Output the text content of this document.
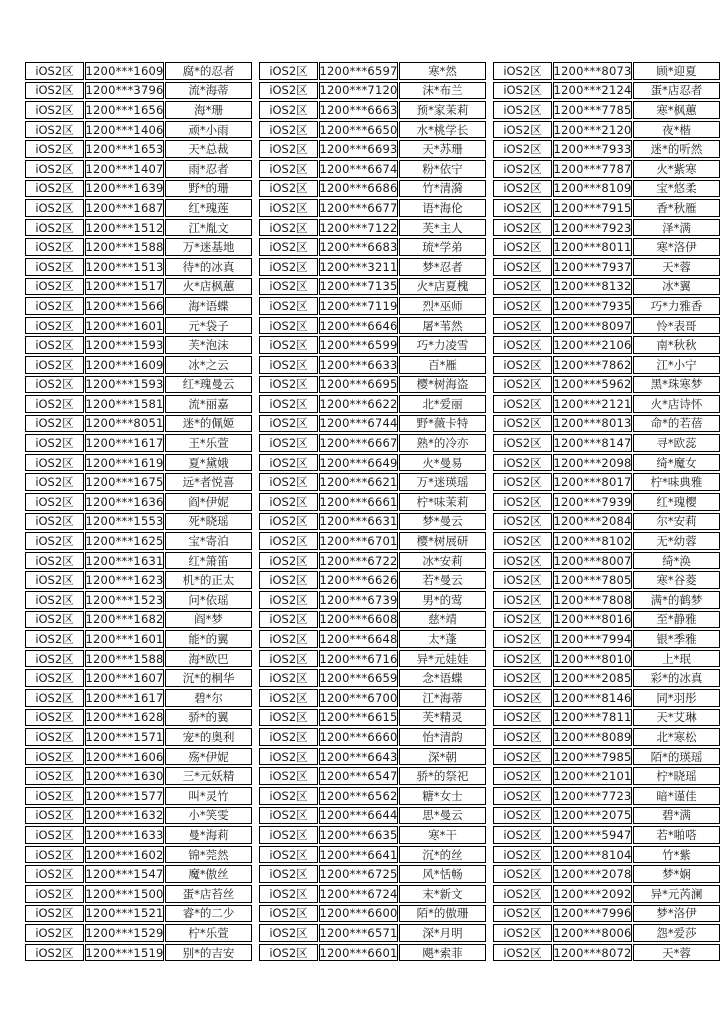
iOS2区	1200***1609	腐*的忍者
iOS2区	1200***3796	流*海蒂
iOS2区	1200***1656	海*珊
iOS2区	1200***1406	顽*小雨
iOS2区	1200***1653	天*总裁
iOS2区	1200***1407	雨*忍者
iOS2区	1200***1639	野*的珊
iOS2区	1200***1687	红*瑰莲
iOS2区	1200***1512	江*胤文
iOS2区	1200***1588	万*迷基地
iOS2区	1200***1513	待*的冰真
iOS2区	1200***1517	火*店枫蕙
iOS2区	1200***1566	海*语蝶
iOS2区	1200***1601	元*袋子
iOS2区	1200***1593	芙*泡沫
iOS2区	1200***1609	冰*之云
iOS2区	1200***1593	红*瑰曼云
iOS2区	1200***1581	流*丽嘉
iOS2区	1200***8051	迷*的佩姬
iOS2区	1200***1617	王*乐萱
iOS2区	1200***1619	夏*黛娥
iOS2区	1200***1675	远*者悦喜
iOS2区	1200***1636	阎*伊妮
iOS2区	1200***1553	死*晓瑶
iOS2区	1200***1625	宝*寄泊
iOS2区	1200***1631	红*箫笛
iOS2区	1200***1623	机*的正太
iOS2区	1200***1523	问*依瑶
iOS2区	1200***1682	阎*梦
iOS2区	1200***1601	能*的翼
iOS2区	1200***1588	海*欧巴
iOS2区	1200***1607	沉*的桐华
iOS2区	1200***1617	碧*尔
iOS2区	1200***1628	骄*的翼
iOS2区	1200***1571	宠*的奥利
iOS2区	1200***1606	殇*伊妮
iOS2区	1200***1630	三*元妖精
iOS2区	1200***1577	叫*灵竹
iOS2区	1200***1632	小*笑雯
iOS2区	1200***1633	曼*海莉
iOS2区	1200***1602	锦*莞然
iOS2区	1200***1547	魔*傲丝
iOS2区	1200***1500	蛋*店苔丝
iOS2区	1200***1521	睿*的二少
iOS2区	1200***1529	柠*乐萱
iOS2区	1200***1519	别*的吉安
iOS2区	1200***6597	寒*然
iOS2区	1200***7120	沫*布兰
iOS2区	1200***6663	预*家茉莉
iOS2区	1200***6650	水*桃学长
iOS2区	1200***6693	天*苏珊
iOS2区	1200***6674	粉*依宁
iOS2区	1200***6686	竹*清漪
iOS2区	1200***6677	语*海伦
iOS2区	1200***7122	芙*主人
iOS2区	1200***6683	琉*学弟
iOS2区	1200***3211	梦*忍者
iOS2区	1200***7135	火*店夏槐
iOS2区	1200***7119	烈*巫师
iOS2区	1200***6646	屠*苇然
iOS2区	1200***6599	巧*力凌雪
iOS2区	1200***6633	百*雁
iOS2区	1200***6695	樱*树海盗
iOS2区	1200***6622	北*爱丽
iOS2区	1200***6744	野*薇卡特
iOS2区	1200***6667	熟*的冷亦
iOS2区	1200***6649	火*曼易
iOS2区	1200***6621	万*迷瑛瑶
iOS2区	1200***6661	柠*味茉莉
iOS2区	1200***6631	梦*曼云
iOS2区	1200***6701	樱*树展研
iOS2区	1200***6722	冰*安莉
iOS2区	1200***6626	若*曼云
iOS2区	1200***6739	男*的莺
iOS2区	1200***6608	慈*靖
iOS2区	1200***6648	太*蓬
iOS2区	1200***6716	异*元娃娃
iOS2区	1200***6659	念*语蝶
iOS2区	1200***6700	江*海蒂
iOS2区	1200***6615	芙*精灵
iOS2区	1200***6660	怡*清韵
iOS2区	1200***6643	深*朝
iOS2区	1200***6547	骄*的祭祀
iOS2区	1200***6562	糖*女士
iOS2区	1200***6644	思*曼云
iOS2区	1200***6635	寒*干
iOS2区	1200***6641	沉*的丝
iOS2区	1200***6725	风*恬畅
iOS2区	1200***6724	末*新文
iOS2区	1200***6600	陌*的傲珊
iOS2区	1200***6571	深*月明
iOS2区	1200***6601	飓*索菲
iOS2区	1200***8073	顾*迎夏
iOS2区	1200***2124	蛋*店忍者
iOS2区	1200***7785	寒*枫蕙
iOS2区	1200***2120	夜*楷
iOS2区	1200***7933	迷*的听然
iOS2区	1200***7787	火*紫寒
iOS2区	1200***8109	宝*悠柔
iOS2区	1200***7915	香*秋雁
iOS2区	1200***7923	泽*满
iOS2区	1200***8011	寒*洛伊
iOS2区	1200***7937	天*蓉
iOS2区	1200***8132	冰*翼
iOS2区	1200***7935	巧*力雅香
iOS2区	1200***8097	怜*表哥
iOS2区	1200***2106	南*秋秋
iOS2区	1200***7862	江*小宁
iOS2区	1200***5962	黑*珠寒梦
iOS2区	1200***2121	火*店诗怀
iOS2区	1200***8013	命*的若蓓
iOS2区	1200***8147	寻*欧蕊
iOS2区	1200***2098	绮*魔女
iOS2区	1200***8017	柠*味典雅
iOS2区	1200***7939	红*瑰樱
iOS2区	1200***2084	尔*安莉
iOS2区	1200***8102	无*幼蓉
iOS2区	1200***8007	绮*涣
iOS2区	1200***7805	寒*谷菱
iOS2区	1200***7808	满*的鹤梦
iOS2区	1200***8016	至*静雅
iOS2区	1200***7994	银*季雅
iOS2区	1200***8010	上*珉
iOS2区	1200***2085	彩*的冰真
iOS2区	1200***8146	同*羽彤
iOS2区	1200***7811	天*艾琳
iOS2区	1200***8089	北*寒松
iOS2区	1200***7985	陌*的瑛瑶
iOS2区	1200***2101	柠*晓瑶
iOS2区	1200***7723	暗*谨佳
iOS2区	1200***2075	碧*满
iOS2区	1200***5947	若*啪嗒
iOS2区	1200***8104	竹*紫
iOS2区	1200***2078	梦*娴
iOS2区	1200***2092	异*元芮澜
iOS2区	1200***7996	梦*洛伊
iOS2区	1200***8006	怨*爱莎
iOS2区	1200***8072	天*蓉
